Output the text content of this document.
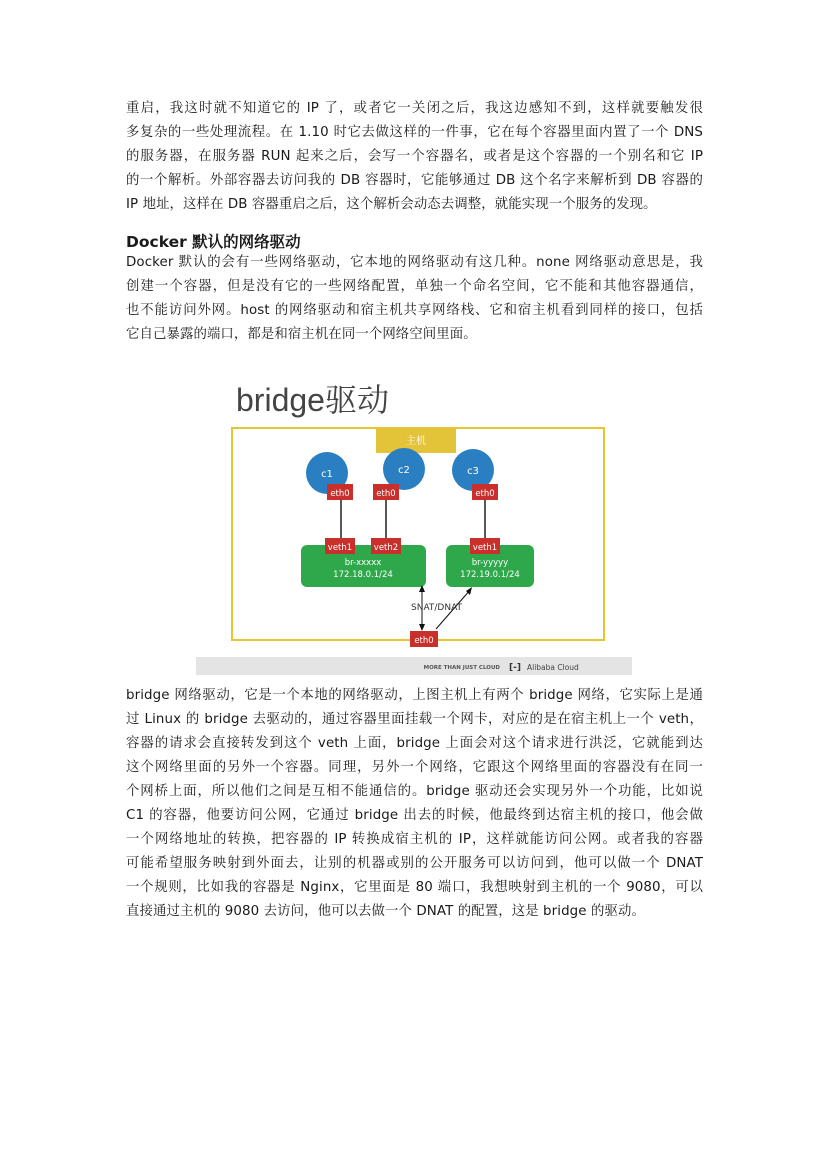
重启，我这时就不知道它的 IP 了，或者它一关闭之后，我这边感知不到，这样就要触发很
多复杂的一些处理流程。在 1.10 时它去做这样的一件事，它在每个容器里面内置了一个 DNS
的服务器，在服务器 RUN 起来之后，会写一个容器名，或者是这个容器的一个别名和它 IP
的一个解析。外部容器去访问我的 DB 容器时，它能够通过 DB 这个名字来解析到 DB 容器的
IP 地址，这样在 DB 容器重启之后，这个解析会动态去调整，就能实现一个服务的发现。
Docker 默认的网络驱动
Docker 默认的会有一些网络驱动，它本地的网络驱动有这几种。none 网络驱动意思是，我
创建一个容器，但是没有它的一些网络配置，单独一个命名空间，它不能和其他容器通信，
也不能访问外网。host 的网络驱动和宿主机共享网络栈、它和宿主机看到同样的接口，包括
它自己暴露的端口，都是和宿主机在同一个网络空间里面。
bridge驱动
主机
c1	c2	c3
eth0	eth0	eth0
br-xxxxx
172.18.0.1/24
br-yyyyy
172.19.0.1/24
veth1	veth2	veth1
SNAT/DNAT
eth0
MORE THAN JUST CLOUD [-] Alibaba Cloud
bridge 网络驱动，它是一个本地的网络驱动，上图主机上有两个 bridge 网络，它实际上是通
过 Linux 的 bridge 去驱动的，通过容器里面挂载一个网卡，对应的是在宿主机上一个 veth，
容器的请求会直接转发到这个 veth 上面，bridge 上面会对这个请求进行洪泛，它就能到达
这个网络里面的另外一个容器。同理，另外一个网络，它跟这个网络里面的容器没有在同一
个网桥上面，所以他们之间是互相不能通信的。bridge 驱动还会实现另外一个功能，比如说
C1 的容器，他要访问公网，它通过 bridge 出去的时候，他最终到达宿主机的接口，他会做
一个网络地址的转换，把容器的 IP 转换成宿主机的 IP，这样就能访问公网。或者我的容器
可能希望服务映射到外面去，让别的机器或别的公开服务可以访问到，他可以做一个 DNAT
一个规则，比如我的容器是 Nginx，它里面是 80 端口，我想映射到主机的一个 9080，可以
直接通过主机的 9080 去访问，他可以去做一个 DNAT 的配置，这是 bridge 的驱动。
